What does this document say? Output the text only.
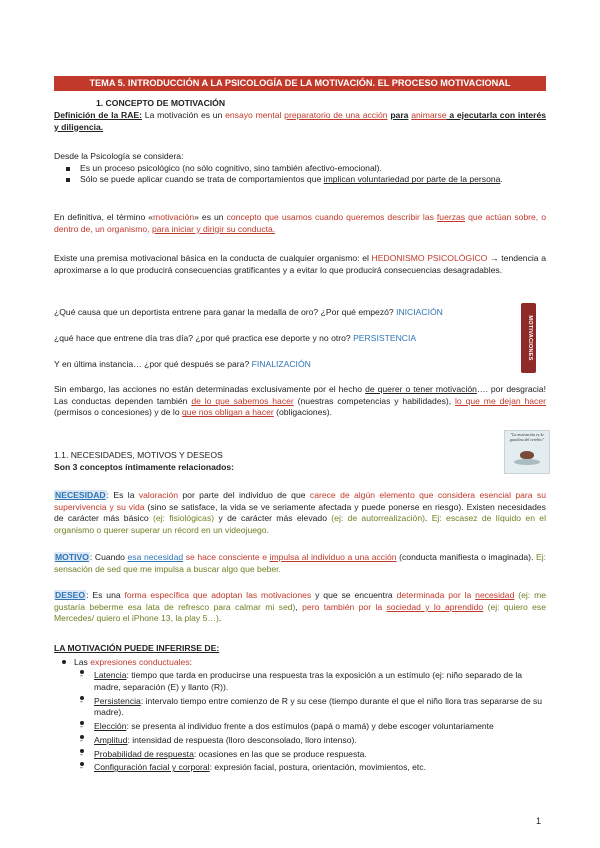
TEMA 5. INTRODUCCIÓN A LA PSICOLOGÍA DE LA MOTIVACIÓN. EL PROCESO MOTIVACIONAL
1. CONCEPTO DE MOTIVACIÓN

Definición de la RAE: La motivación es un ensayo mental preparatorio de una acción para animarse a ejecutarla con interés y diligencia.

Desde la Psicología se considera:

Es un proceso psicológico (no sólo cognitivo, sino también afectivo-emocional).
Sólo se puede aplicar cuando se trata de comportamientos que implican voluntariedad por parte de la persona.

En definitiva, el término «motivación» es un concepto que usamos cuando queremos describir las fuerzas que actúan sobre, o dentro de, un organismo, para iniciar y dirigir su conducta.

Existe una premisa motivacional básica en la conducta de cualquier organismo: el HEDONISMO PSICOLÓGICO → tendencia a aproximarse a lo que producirá consecuencias gratificantes y a evitar lo que producirá consecuencias desagradables.

¿Qué causa que un deportista entrene para ganar la medalla de oro? ¿Por qué empezó? INICIACIÓN

¿qué hace que entrene día tras día? ¿por qué practica ese deporte y no otro? PERSISTENCIA

Y en última instancia… ¿por qué después se para? FINALIZACIÓN

MOTIVACIONES

Sin embargo, las acciones no están determinadas exclusivamente por el hecho de querer o tener motivación…. por desgracia! Las conductas dependen también de lo que sabemos hacer (nuestras competencias y habilidades), lo que me dejan hacer (permisos o concesiones) y de lo que nos obligan a hacer (obligaciones).

1.1. NECESIDADES, MOTIVOS Y DESEOS

Son 3 conceptos íntimamente relacionados:

"La motivación es la gasolina del cerebro"

NECESIDAD: Es la valoración por parte del individuo de que carece de algún elemento que considera esencial para su supervivencia y su vida (sino se satisface, la vida se ve seriamente afectada y puede ponerse en riesgo). Existen necesidades de carácter más básico (ej: fisiológicas) y de carácter más elevado (ej: de autorrealización). Ej: escasez de líquido en el organismo o querer superar un récord en un videojuego.

MOTIVO: Cuando esa necesidad se hace consciente e impulsa al individuo a una acción (conducta manifiesta o imaginada). Ej: sensación de sed que me impulsa a buscar algo que beber.

DESEO: Es una forma específica que adoptan las motivaciones y que se encuentra determinada por la necesidad (ej: me gustaría beberme esa lata de refresco para calmar mi sed), pero también por la sociedad y lo aprendido (ej: quiero ese Mercedes/ quiero el iPhone 13, la play 5…).

LA MOTIVACIÓN PUEDE INFERIRSE DE:

Las expresiones conductuales:
- Latencia: tiempo que tarda en producirse una respuesta tras la exposición a un estímulo (ej: niño separado de la madre, separación (E) y llanto (R)).
- Persistencia: intervalo tiempo entre comienzo de R y su cese (tiempo durante el que el niño llora tras separarse de su madre).
- Elección: se presenta al individuo frente a dos estímulos (papá o mamá) y debe escoger voluntariamente
- Amplitud: intensidad de respuesta (lloro desconsolado, lloro intenso).
- Probabilidad de respuesta: ocasiones en las que se produce respuesta.
- Configuración facial y corporal: expresión facial, postura, orientación, movimientos, etc.
1
